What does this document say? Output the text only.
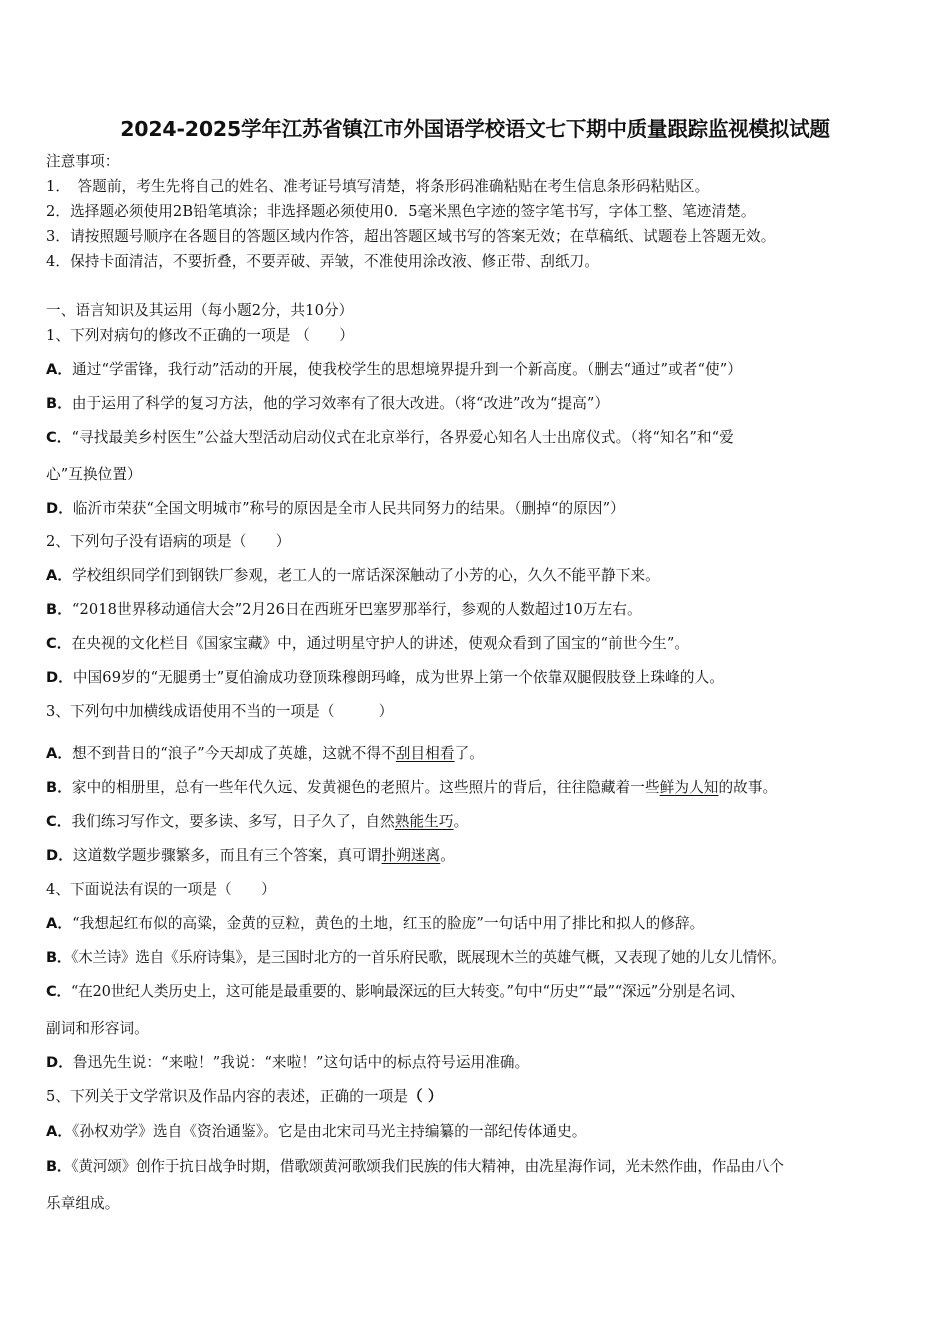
2024-2025学年江苏省镇江市外国语学校语文七下期中质量跟踪监视模拟试题
注意事项：
1．　答题前，考生先将自己的姓名、准考证号填写清楚，将条形码准确粘贴在考生信息条形码粘贴区。
2．选择题必须使用2B铅笔填涂；非选择题必须使用0．5毫米黑色字迹的签字笔书写，字体工整、笔迹清楚。
3．请按照题号顺序在各题目的答题区域内作答，超出答题区域书写的答案无效；在草稿纸、试题卷上答题无效。
4．保持卡面清洁，不要折叠，不要弄破、弄皱，不准使用涂改液、修正带、刮纸刀。
一、语言知识及其运用（每小题2分，共10分）
1、下列对病句的修改不正确的一项是 （　　）
A．通过“学雷锋，我行动”活动的开展，使我校学生的思想境界提升到一个新高度。（删去“通过”或者“使”）
B．由于运用了科学的复习方法，他的学习效率有了很大改进。（将“改进”改为“提高”）
C．“寻找最美乡村医生”公益大型活动启动仪式在北京举行，各界爱心知名人士出席仪式。（将“知名”和“爱
心”互换位置）
D．临沂市荣获“全国文明城市”称号的原因是全市人民共同努力的结果。（删掉“的原因”）
2、下列句子没有语病的项是（　　）
A．学校组织同学们到钢铁厂参观，老工人的一席话深深触动了小芳的心，久久不能平静下来。
B．“2018世界移动通信大会”2月26日在西班牙巴塞罗那举行，参观的人数超过10万左右。
C．在央视的文化栏目《国家宝藏》中，通过明星守护人的讲述，使观众看到了国宝的“前世今生”。
D．中国69岁的“无腿勇士”夏伯渝成功登顶珠穆朗玛峰，成为世界上第一个依靠双腿假肢登上珠峰的人。
3、下列句中加横线成语使用不当的一项是（　　　）
A．想不到昔日的“浪子”今天却成了英雄，这就不得不刮目相看了。
B．家中的相册里，总有一些年代久远、发黄褪色的老照片。这些照片的背后，往往隐藏着一些鲜为人知的故事。
C．我们练习写作文，要多读、多写，日子久了，自然熟能生巧。
D．这道数学题步骤繁多，而且有三个答案，真可谓扑朔迷离。
4、下面说法有误的一项是（　　）
A．“我想起红布似的高粱，金黄的豆粒，黄色的土地，红玉的脸庞”一句话中用了排比和拟人的修辞。
B．《木兰诗》选自《乐府诗集》，是三国时北方的一首乐府民歌，既展现木兰的英雄气概，又表现了她的儿女儿情怀。
C．“在20世纪人类历史上，这可能是最重要的、影响最深远的巨大转变。”句中“历史”“最”“深远”分别是名词、
副词和形容词。
D．鲁迅先生说：“来啦！”我说：“来啦！”这句话中的标点符号运用准确。
5、下列关于文学常识及作品内容的表述，正确的一项是（ ）
A．《孙权劝学》选自《资治通鉴》。它是由北宋司马光主持编纂的一部纪传体通史。
B．《黄河颂》创作于抗日战争时期，借歌颂黄河歌颂我们民族的伟大精神，由冼星海作词，光未然作曲，作品由八个
乐章组成。
